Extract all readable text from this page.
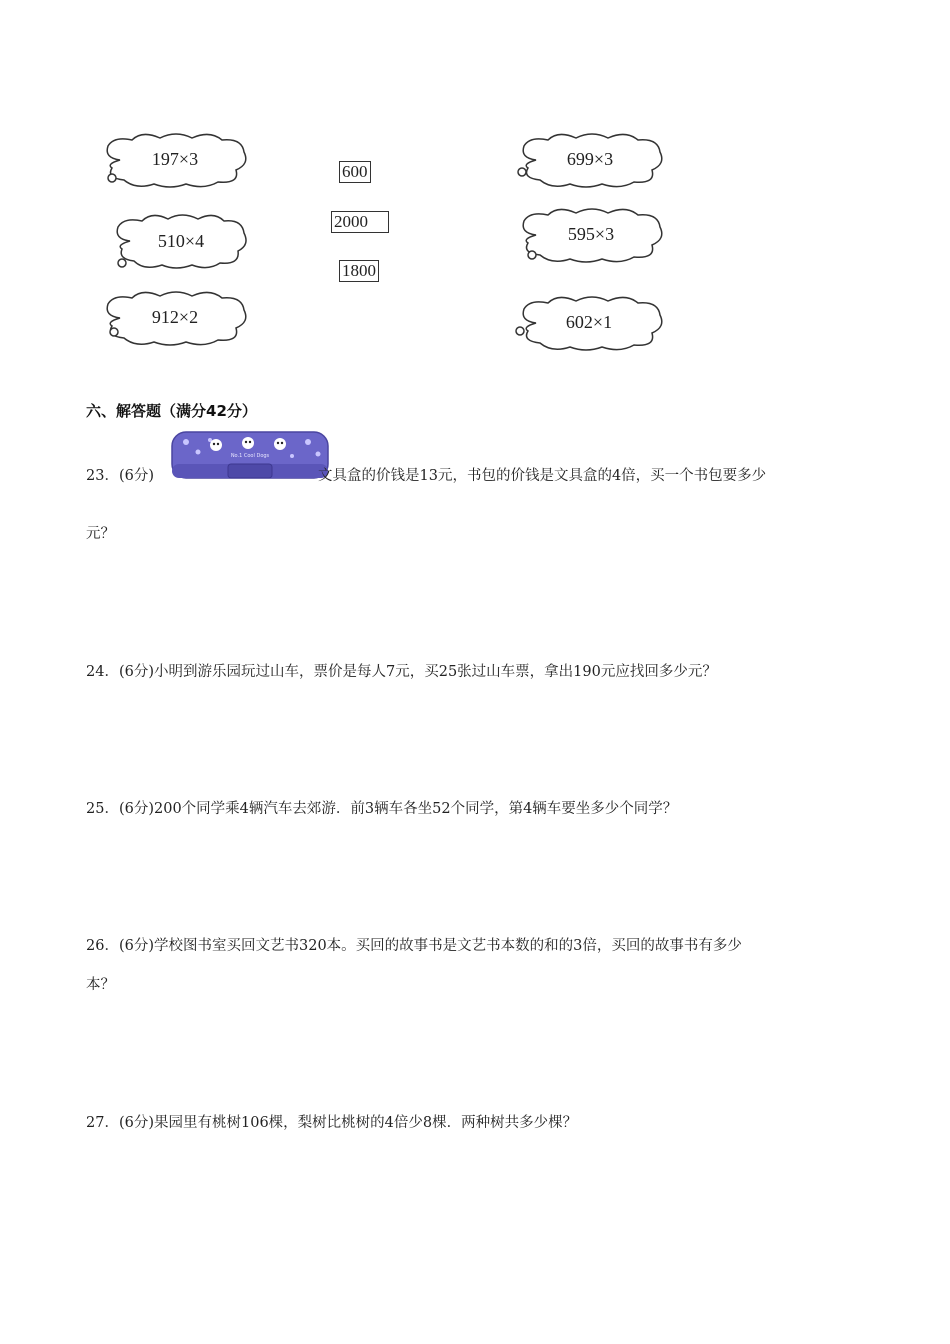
197×3
510×4
912×2
600
2000
1800
699×3
595×3
602×1
六、解答题（满分42分）
No.1 Cool Dogs
23．(6分)	文具盒的价钱是13元，书包的价钱是文具盒的4倍，买一个书包要多少
元？
24．(6分)小明到游乐园玩过山车，票价是每人7元，买25张过山车票，拿出190元应找回多少元？
25．(6分)200个同学乘4辆汽车去郊游．前3辆车各坐52个同学，第4辆车要坐多少个同学？
26．(6分)学校图书室买回文艺书320本。买回的故事书是文艺书本数的和的3倍，买回的故事书有多少
本？
27．(6分)果园里有桃树106棵，梨树比桃树的4倍少8棵．两种树共多少棵？
